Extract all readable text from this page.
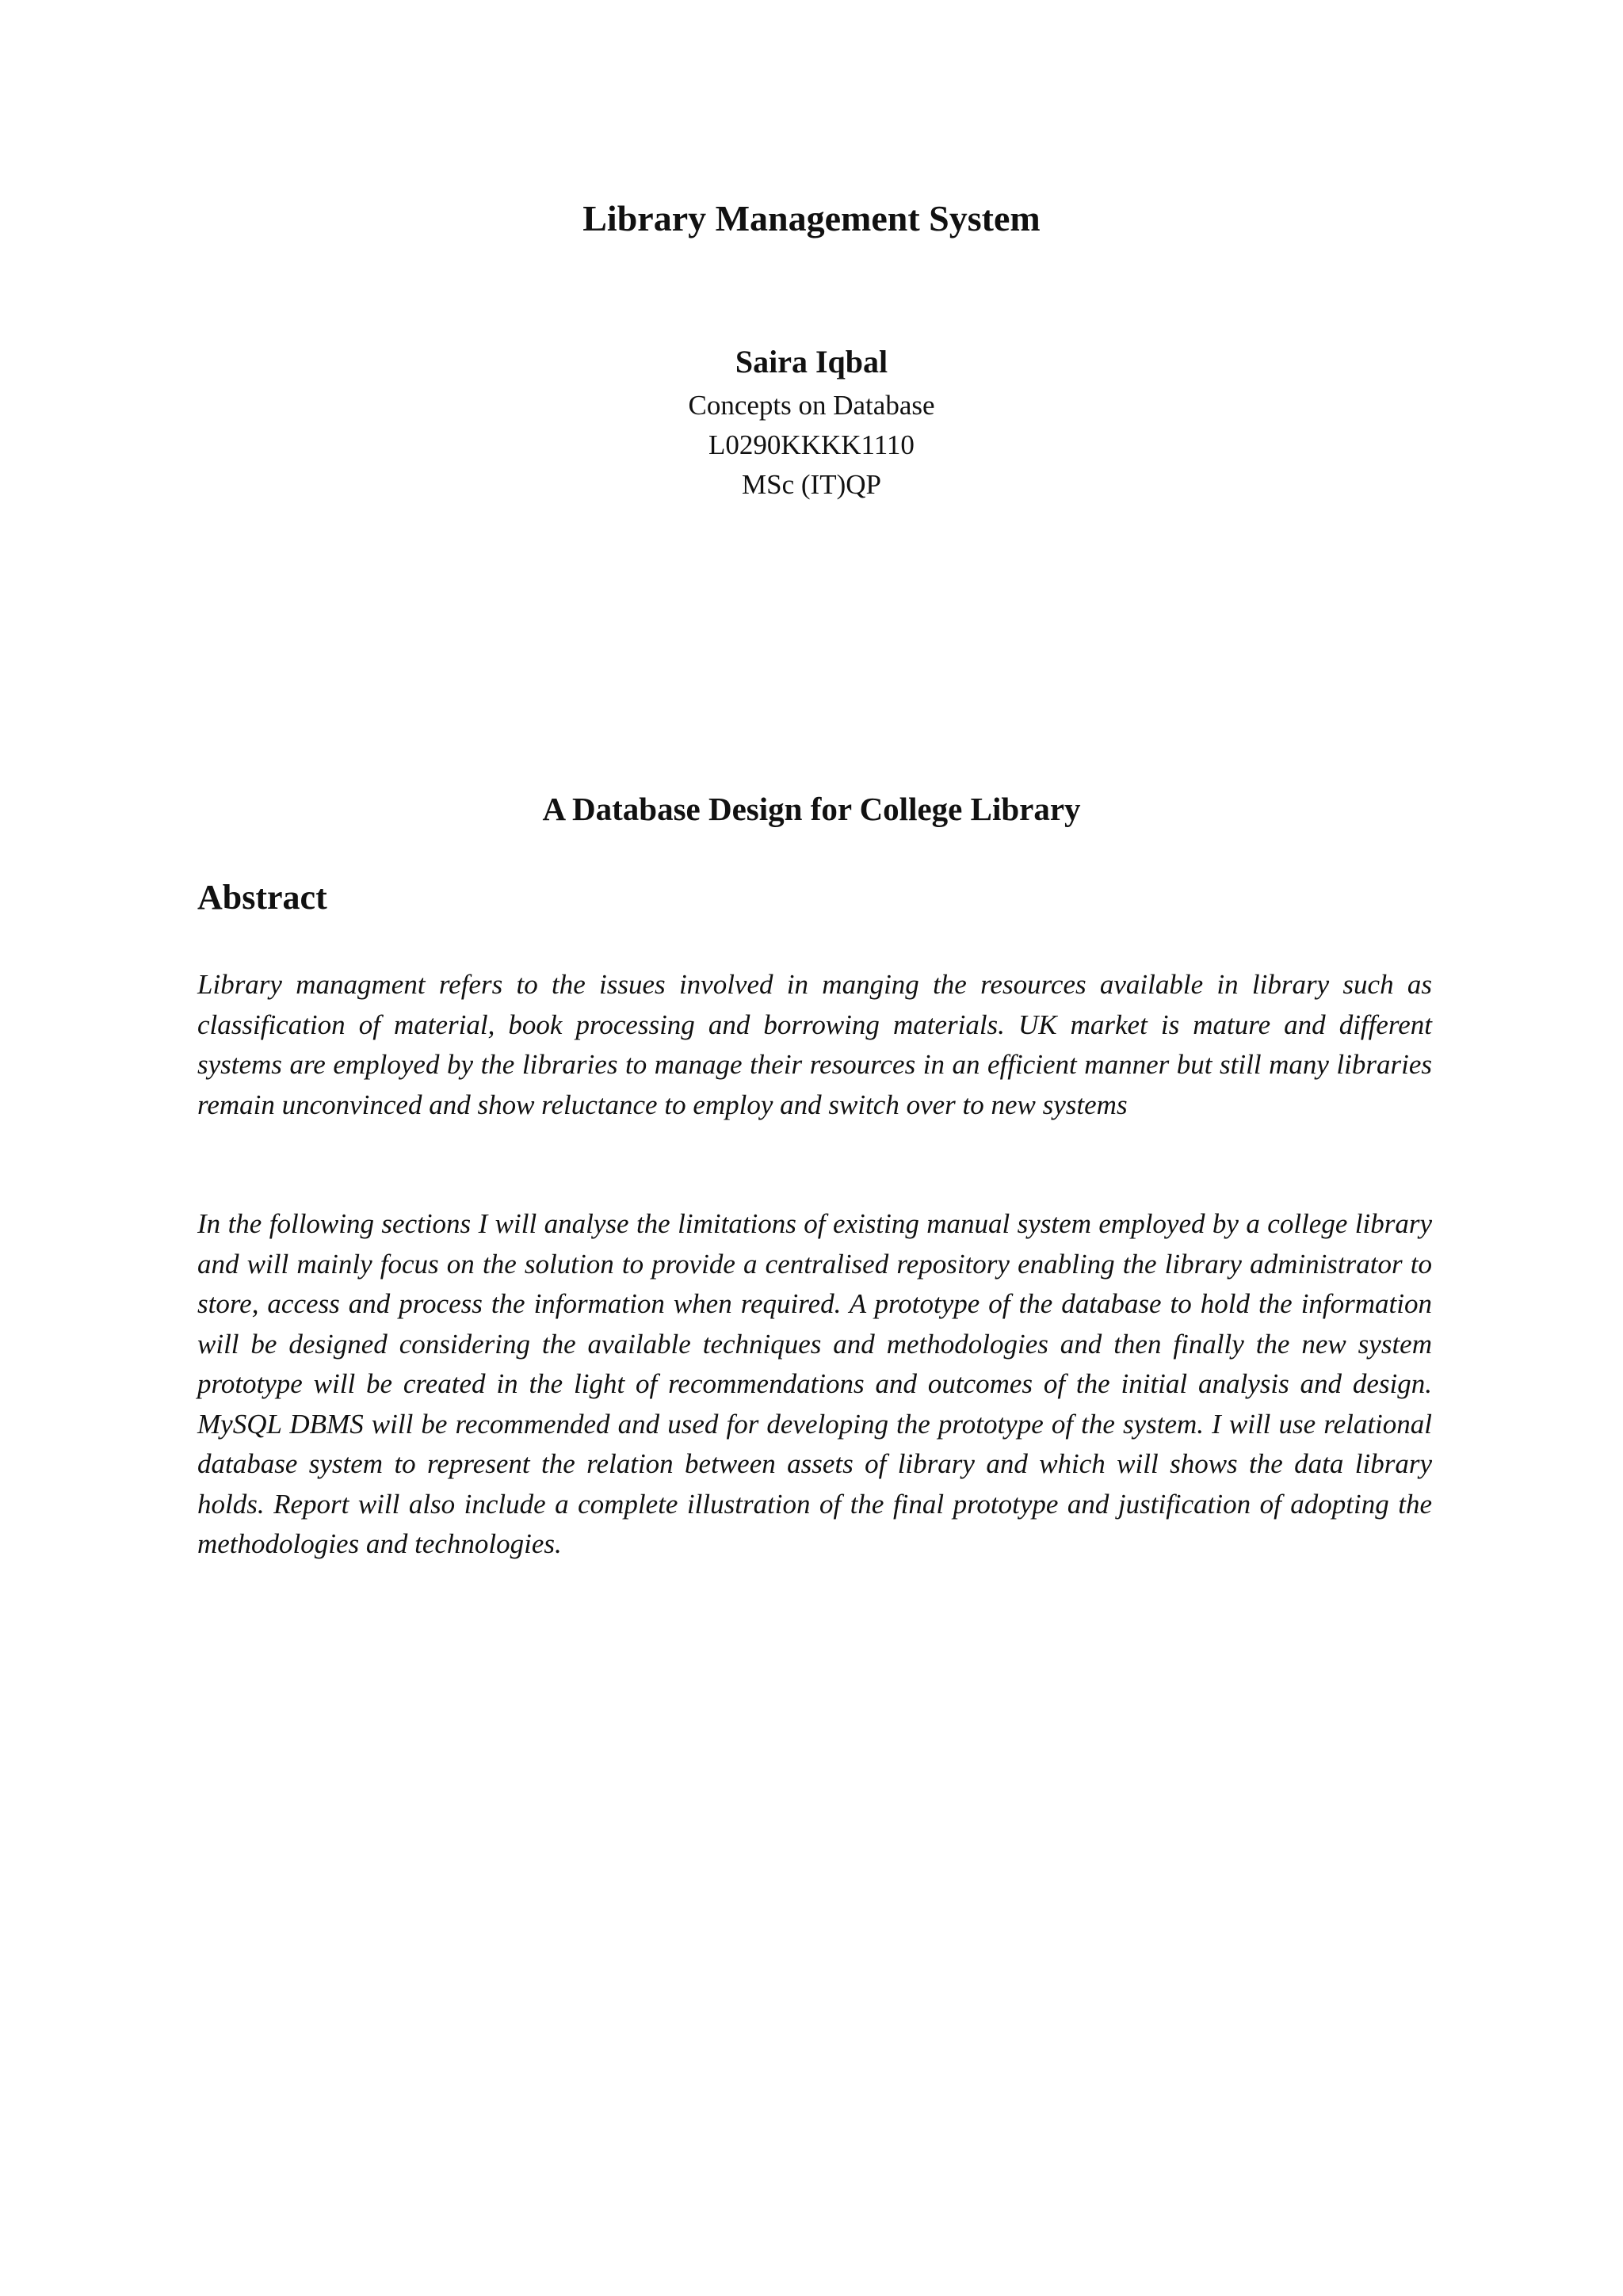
Library Management System
Saira Iqbal
Concepts on Database
L0290KKKK1110
MSc (IT)QP
A Database Design for College Library
Abstract

Library managment refers to the issues involved in manging the resources available in library such as classification of material, book processing and borrowing materials. UK market is mature and different systems are employed by the libraries to manage their resources in an efficient manner but still many libraries remain unconvinced and show reluctance to employ and switch over to new systems

In the following sections I will analyse the limitations of existing manual system employed by a college library and will mainly focus on the solution to provide a centralised repository enabling the library administrator to store, access and process the information when required. A prototype of the database to hold the information will be designed considering the available techniques and methodologies and then finally the new system prototype will be created in the light of recommendations and outcomes of the initial analysis and design. MySQL DBMS will be recommended and used for developing the prototype of the system. I will use relational database system to represent the relation between assets of library and which will shows the data library holds. Report will also include a complete illustration of the final prototype and justification of adopting the methodologies and technologies.
